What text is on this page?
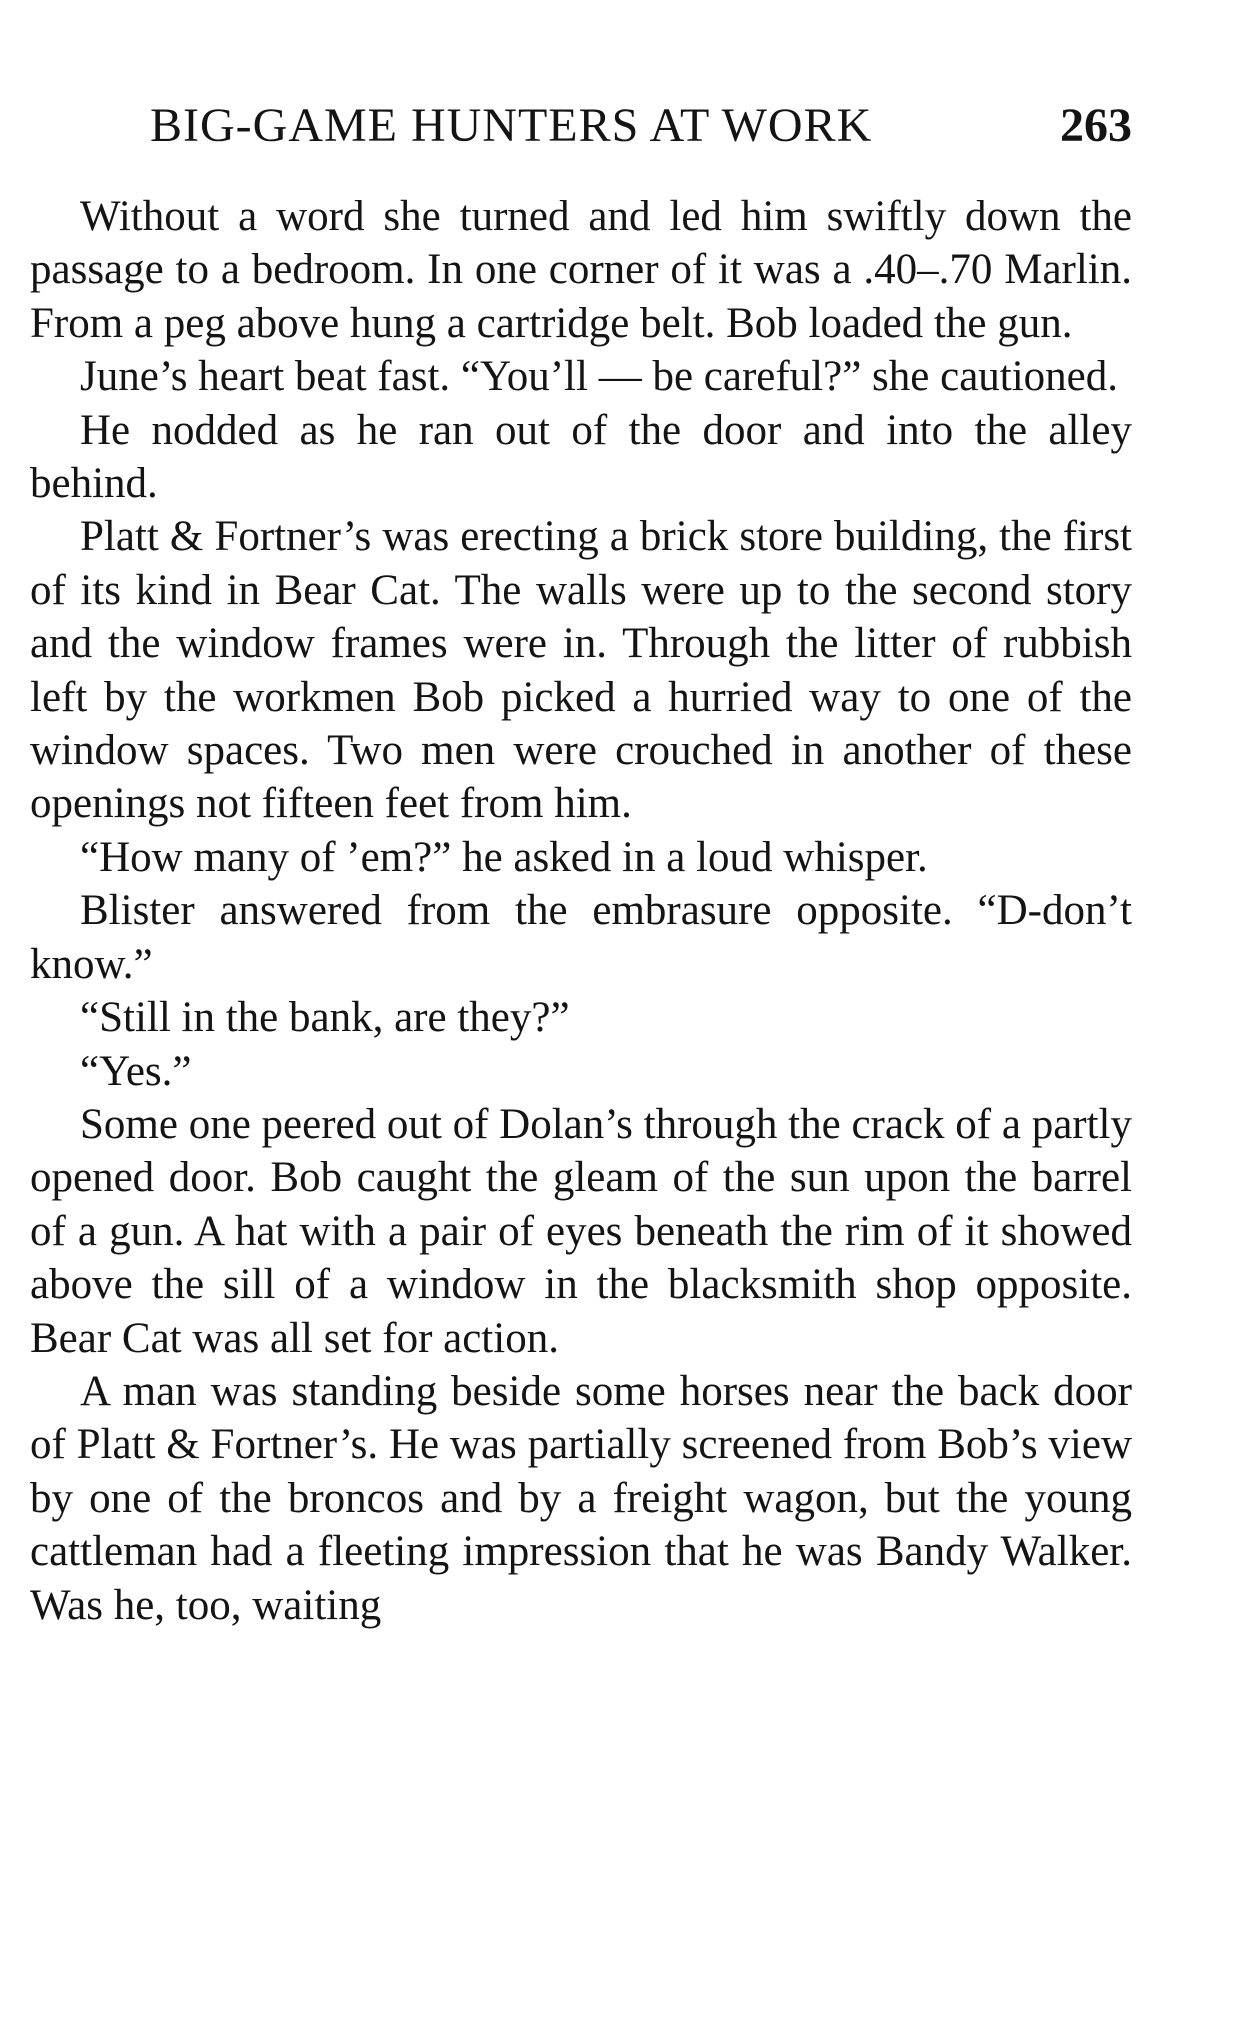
BIG-GAME HUNTERS AT WORK	263

Without a word she turned and led him swiftly down the passage to a bedroom. In one corner of it was a .40–.70 Marlin. From a peg above hung a cartridge belt. Bob loaded the gun.

June’s heart beat fast. “You’ll — be careful?” she cautioned.

He nodded as he ran out of the door and into the alley behind.

Platt & Fortner’s was erecting a brick store building, the first of its kind in Bear Cat. The walls were up to the second story and the window frames were in. Through the litter of rubbish left by the workmen Bob picked a hurried way to one of the window spaces. Two men were crouched in another of these openings not fifteen feet from him.

“How many of ’em?” he asked in a loud whisper.

Blister answered from the embrasure opposite. “D-don’t know.”

“Still in the bank, are they?”

“Yes.”

Some one peered out of Dolan’s through the crack of a partly opened door. Bob caught the gleam of the sun upon the barrel of a gun. A hat with a pair of eyes beneath the rim of it showed above the sill of a window in the blacksmith shop opposite. Bear Cat was all set for action.

A man was standing beside some horses near the back door of Platt & Fortner’s. He was partially screened from Bob’s view by one of the broncos and by a freight wagon, but the young cattleman had a fleeting impression that he was Bandy Walker. Was he, too, waiting
